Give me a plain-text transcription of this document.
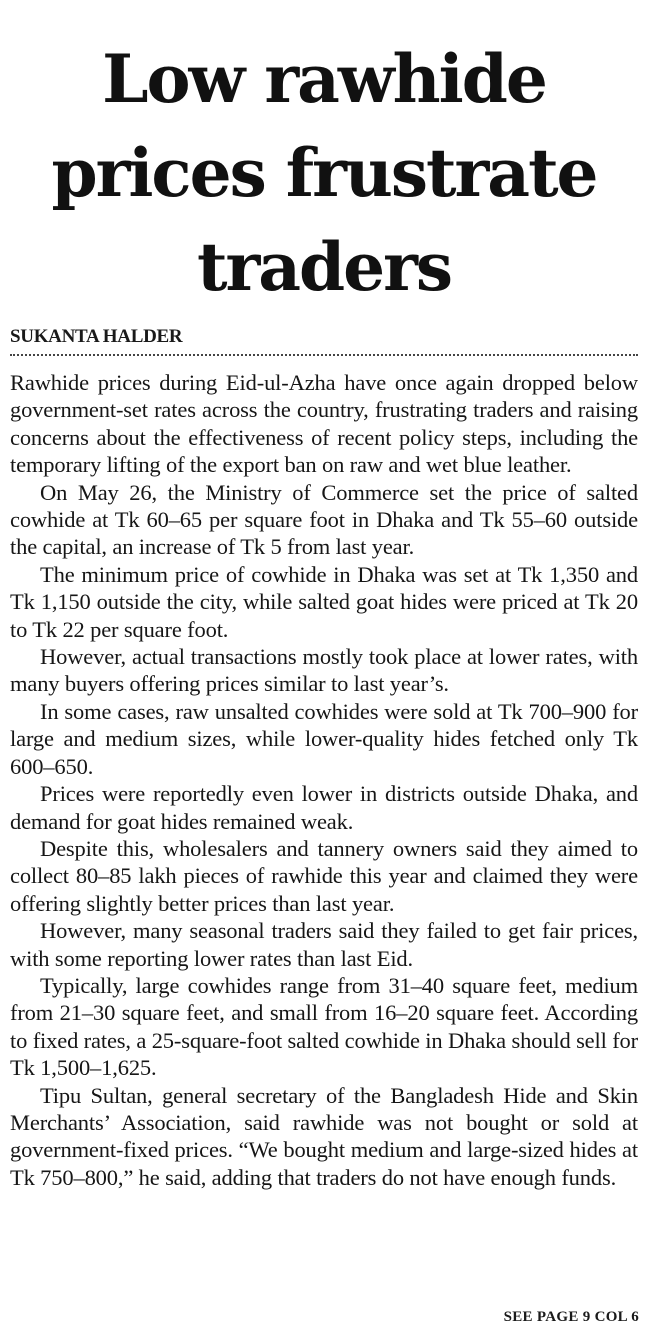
Low rawhide
prices frustrate
traders
SUKANTA HALDER

Rawhide prices during Eid-ul-Azha have once again dropped below government-set rates across the country, frustrating traders and raising concerns about the effectiveness of recent policy steps, including the temporary lifting of the export ban on raw and wet blue leather.

On May 26, the Ministry of Commerce set the price of salted cowhide at Tk 60–65 per square foot in Dhaka and Tk 55–60 outside the capital, an increase of Tk 5 from last year.

The minimum price of cowhide in Dhaka was set at Tk 1,350 and Tk 1,150 outside the city, while salted goat hides were priced at Tk 20 to Tk 22 per square foot.

However, actual transactions mostly took place at lower rates, with many buyers offering prices similar to last year’s.

In some cases, raw unsalted cowhides were sold at Tk 700–900 for large and medium sizes, while lower-quality hides fetched only Tk 600–650.

Prices were reportedly even lower in districts outside Dhaka, and demand for goat hides remained weak.

Despite this, wholesalers and tannery owners said they aimed to collect 80–85 lakh pieces of rawhide this year and claimed they were offering slightly better prices than last year.

However, many seasonal traders said they failed to get fair prices, with some reporting lower rates than last Eid.

Typically, large cowhides range from 31–40 square feet, medium from 21–30 square feet, and small from 16–20 square feet. According to fixed rates, a 25-square-foot salted cowhide in Dhaka should sell for Tk 1,500–1,625.

Tipu Sultan, general secretary of the Bangladesh Hide and Skin Merchants’ Association, said rawhide was not bought or sold at government-fixed prices. “We bought medium and large-sized hides at Tk 750–800,” he said, adding that traders do not have enough funds.

SEE PAGE 9 COL 6
